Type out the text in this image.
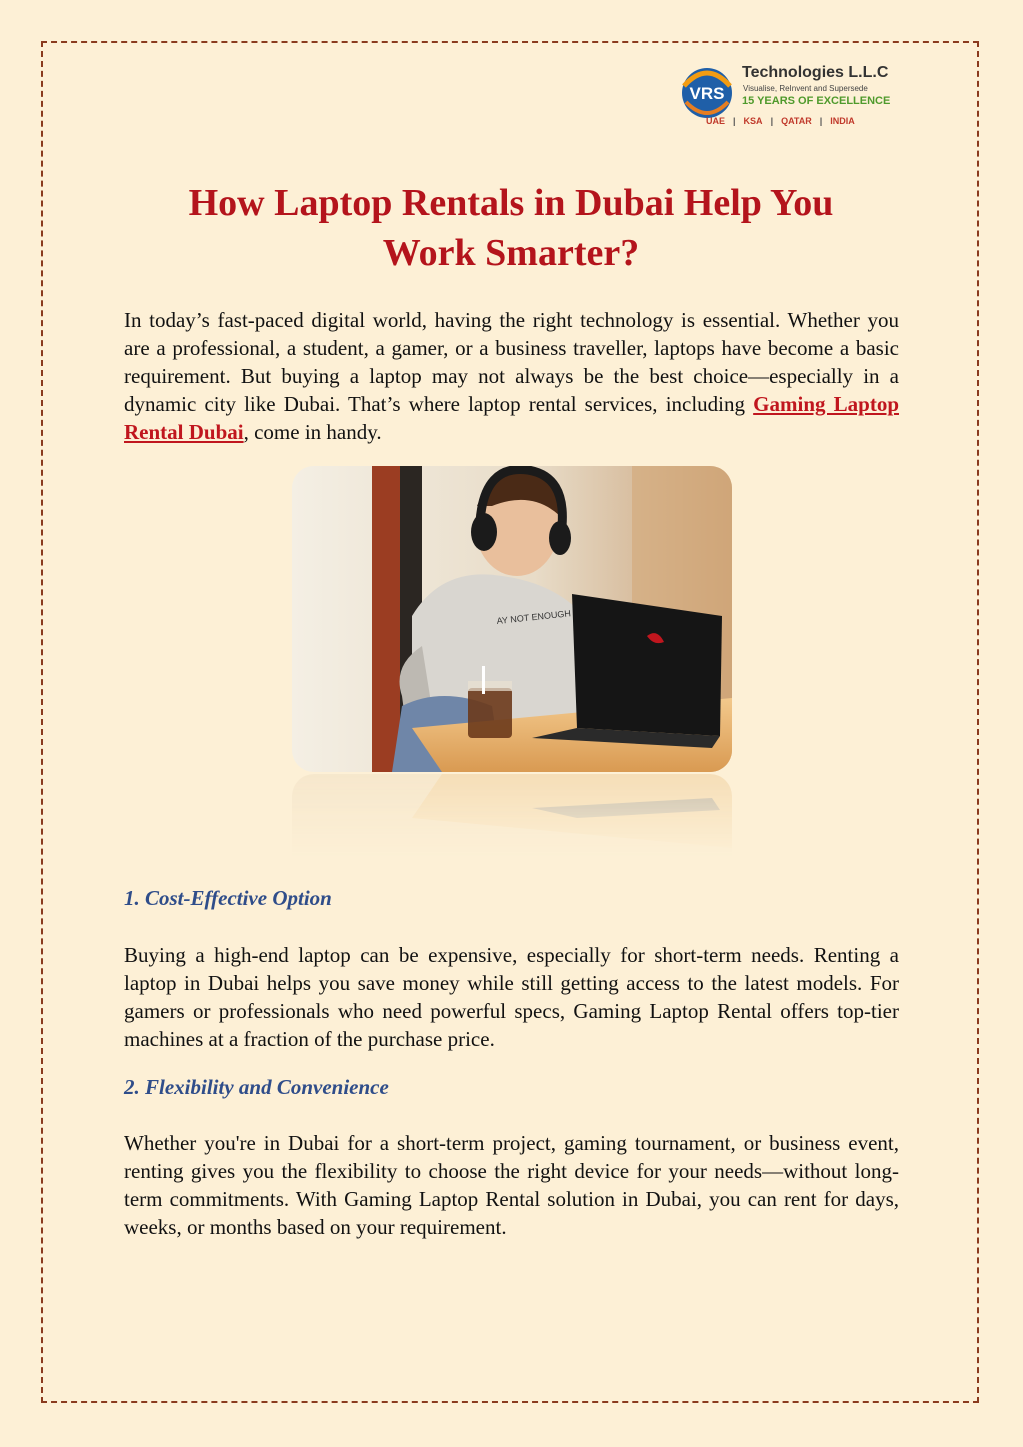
VRS
Technologies L.L.C
Visualise, ReInvent and Supersede
15 YEARS OF EXCELLENCE
UAE | KSA | QATAR | INDIA
How Laptop Rentals in Dubai Help You
Work Smarter?

In today’s fast-paced digital world, having the right technology is essential. Whether you are a professional, a student, a gamer, or a business traveller, laptops have become a basic requirement. But buying a laptop may not always be the best choice—especially in a dynamic city like Dubai. That’s where laptop rental services, including Gaming Laptop Rental Dubai, come in handy.

AY NOT ENOUGH
1. Cost-Effective Option

Buying a high-end laptop can be expensive, especially for short-term needs. Renting a laptop in Dubai helps you save money while still getting access to the latest models. For gamers or professionals who need powerful specs, Gaming Laptop Rental offers top-tier machines at a fraction of the purchase price.

2. Flexibility and Convenience

Whether you're in Dubai for a short-term project, gaming tournament, or business event, renting gives you the flexibility to choose the right device for your needs—without long-term commitments. With Gaming Laptop Rental solution in Dubai, you can rent for days, weeks, or months based on your requirement.
